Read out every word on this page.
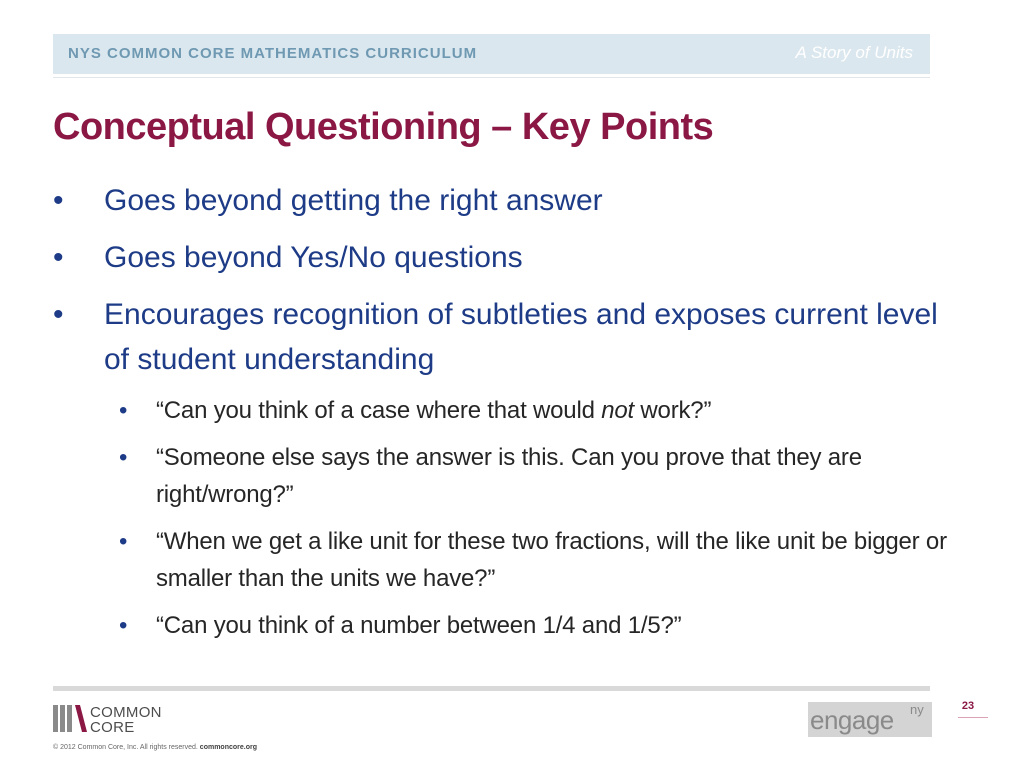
NYS COMMON CORE MATHEMATICS CURRICULUM	A Story of Units
Conceptual Questioning – Key Points
• Goes beyond getting the right answer
• Goes beyond Yes/No questions
• Encourages recognition of subtleties and exposes current level of student understanding
• “Can you think of a case where that would not work?”
• “Someone else says the answer is this. Can you prove that they are right/wrong?”
• “When we get a like unit for these two fractions, will the like unit be bigger or smaller than the units we have?”
• “Can you think of a number between 1/4 and 1/5?”
COMMON
CORE
© 2012 Common Core, Inc. All rights reserved. commoncore.org
engage ny	23
